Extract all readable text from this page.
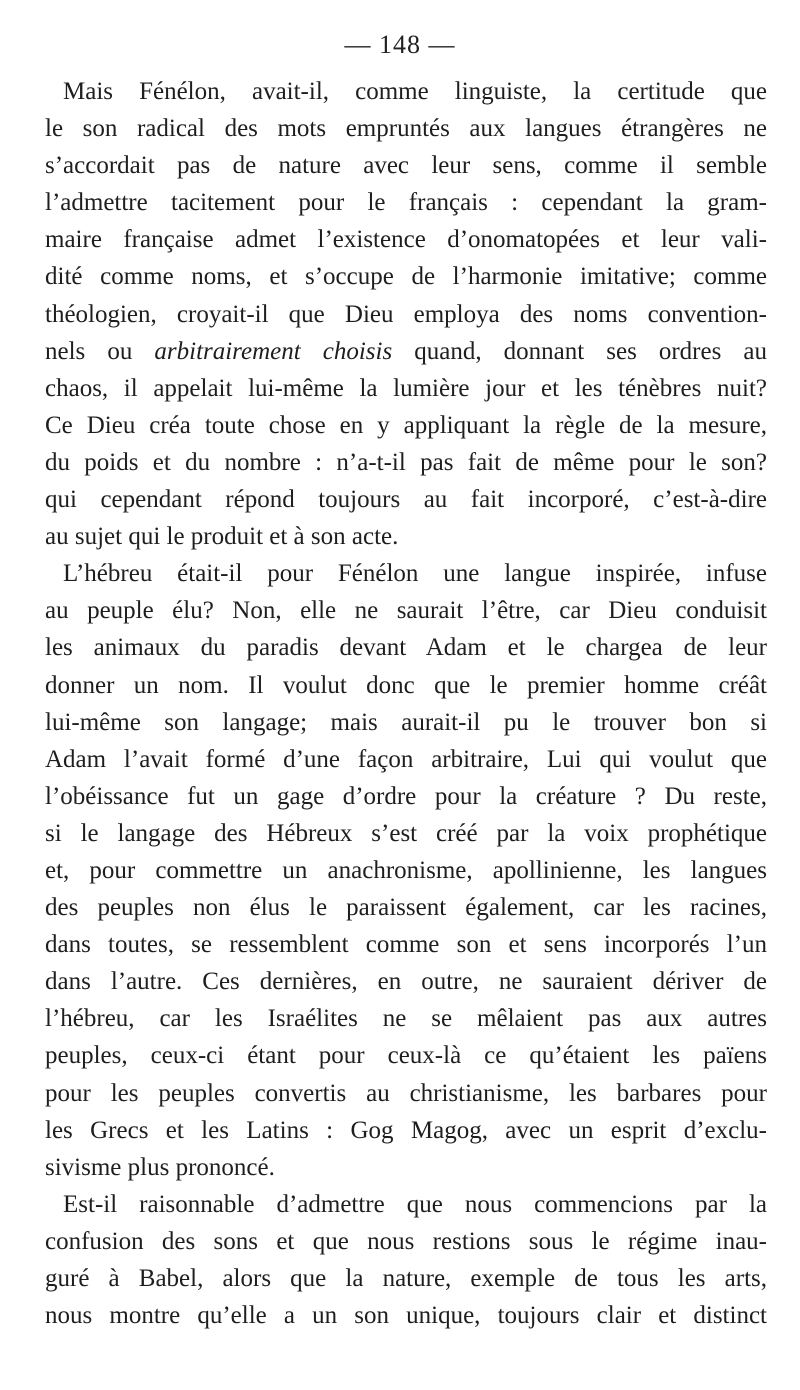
— 148 —
Mais Fénélon, avait-il, comme linguiste, la certitude que
le son radical des mots empruntés aux langues étrangères ne
s’accordait pas de nature avec leur sens, comme il semble
l’admettre tacitement pour le français : cependant la gram-
maire française admet l’existence d’onomatopées et leur vali-
dité comme noms, et s’occupe de l’harmonie imitative; comme
théologien, croyait-il que Dieu employa des noms convention-
nels ou arbitrairement choisis quand, donnant ses ordres au
chaos, il appelait lui-même la lumière jour et les ténèbres nuit?
Ce Dieu créa toute chose en y appliquant la règle de la mesure,
du poids et du nombre : n’a-t-il pas fait de même pour le son?
qui cependant répond toujours au fait incorporé, c’est-à-dire
au sujet qui le produit et à son acte.
L’hébreu était-il pour Fénélon une langue inspirée, infuse
au peuple élu? Non, elle ne saurait l’être, car Dieu conduisit
les animaux du paradis devant Adam et le chargea de leur
donner un nom. Il voulut donc que le premier homme créât
lui-même son langage; mais aurait-il pu le trouver bon si
Adam l’avait formé d’une façon arbitraire, Lui qui voulut que
l’obéissance fut un gage d’ordre pour la créature ? Du reste,
si le langage des Hébreux s’est créé par la voix prophétique
et, pour commettre un anachronisme, apollinienne, les langues
des peuples non élus le paraissent également, car les racines,
dans toutes, se ressemblent comme son et sens incorporés l’un
dans l’autre. Ces dernières, en outre, ne sauraient dériver de
l’hébreu, car les Israélites ne se mêlaient pas aux autres
peuples, ceux-ci étant pour ceux-là ce qu’étaient les païens
pour les peuples convertis au christianisme, les barbares pour
les Grecs et les Latins : Gog Magog, avec un esprit d’exclu-
sivisme plus prononcé.
Est-il raisonnable d’admettre que nous commencions par la
confusion des sons et que nous restions sous le régime inau-
guré à Babel, alors que la nature, exemple de tous les arts,
nous montre qu’elle a un son unique, toujours clair et distinct
